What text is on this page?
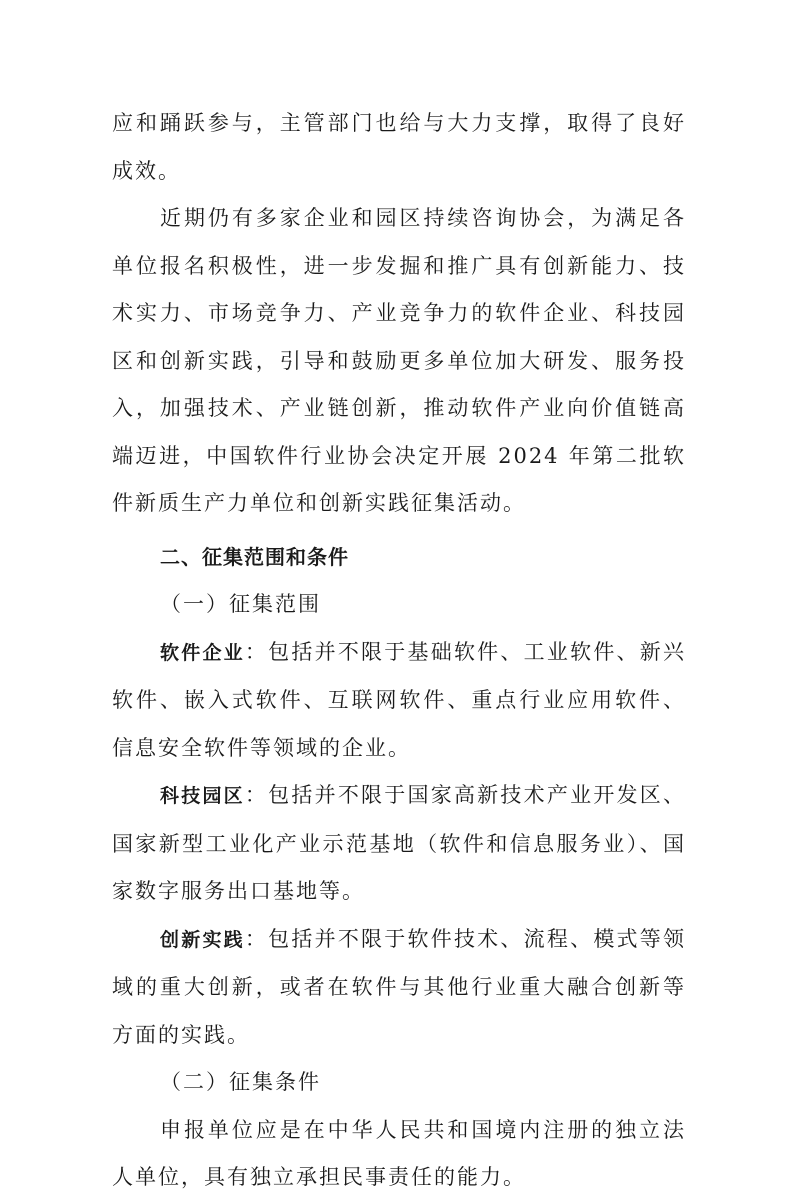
应和踊跃参与，主管部门也给与大力支撑，取得了良好成效。

近期仍有多家企业和园区持续咨询协会，为满足各单位报名积极性，进一步发掘和推广具有创新能力、技术实力、市场竞争力、产业竞争力的软件企业、科技园区和创新实践，引导和鼓励更多单位加大研发、服务投入，加强技术、产业链创新，推动软件产业向价值链高端迈进，中国软件行业协会决定开展 2024 年第二批软件新质生产力单位和创新实践征集活动。

二、征集范围和条件

（一）征集范围

软件企业：包括并不限于基础软件、工业软件、新兴软件、嵌入式软件、互联网软件、重点行业应用软件、信息安全软件等领域的企业。

科技园区：包括并不限于国家高新技术产业开发区、国家新型工业化产业示范基地（软件和信息服务业）、国家数字服务出口基地等。

创新实践：包括并不限于软件技术、流程、模式等领域的重大创新，或者在软件与其他行业重大融合创新等方面的实践。

（二）征集条件

申报单位应是在中华人民共和国境内注册的独立法人单位，具有独立承担民事责任的能力。
